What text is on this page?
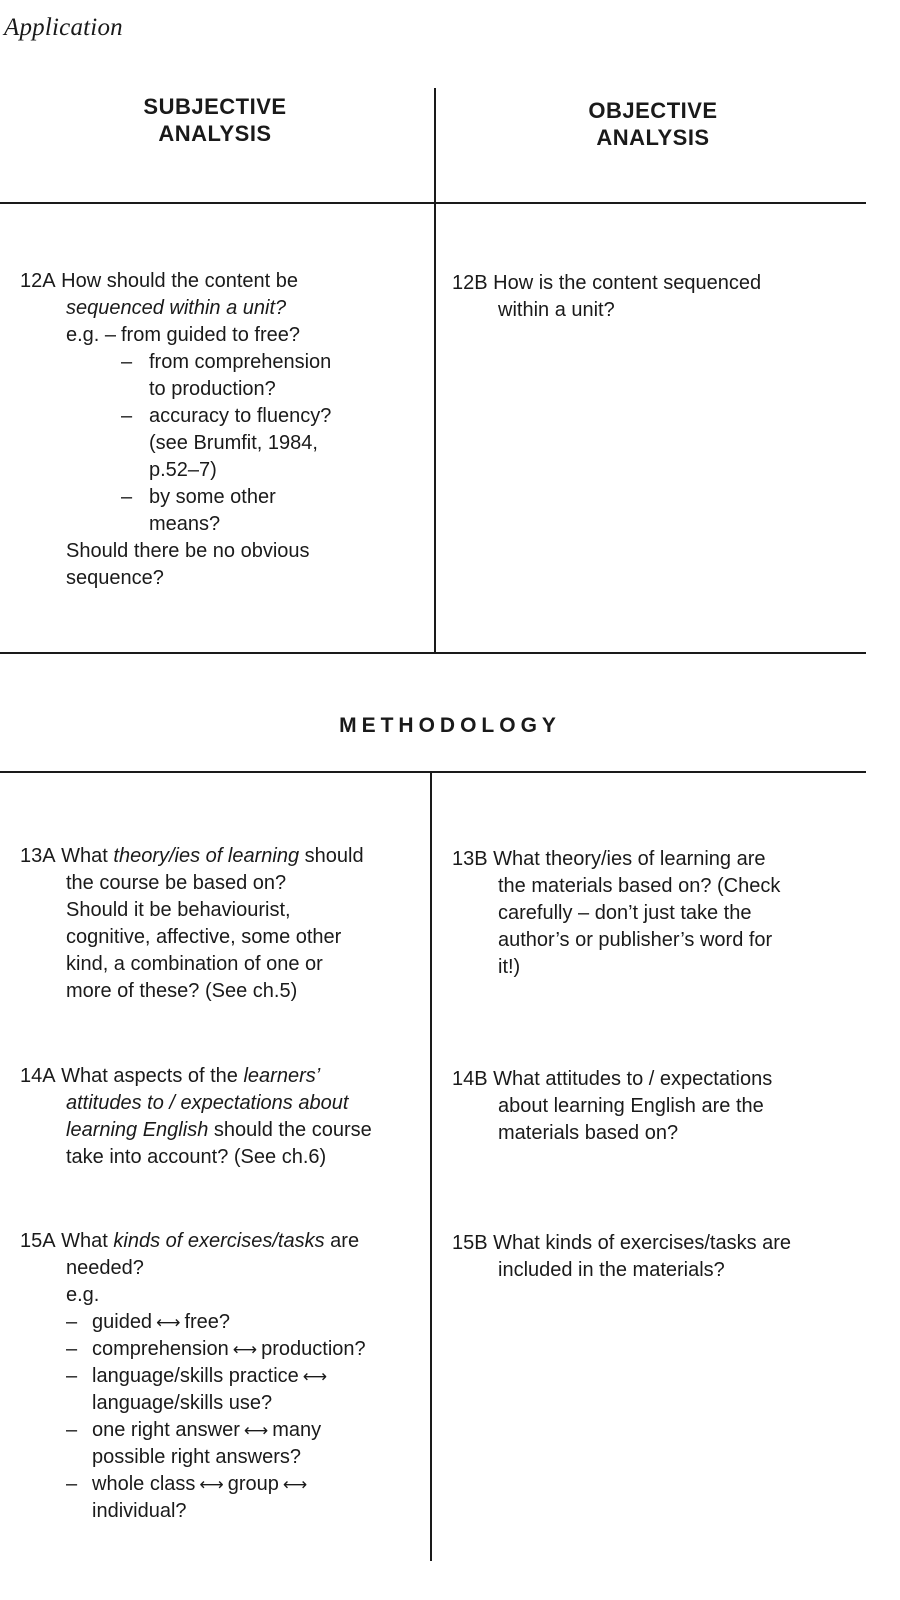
Application
SUBJECTIVE
ANALYSIS
OBJECTIVE
ANALYSIS
METHODOLOGY
12A
How should the content be
sequenced within a unit?
e.g. – from guided to free?
– from comprehension
to production?
– accuracy to fluency?
(see Brumfit, 1984,
p.52–7)
– by some other
means?
Should there be no obvious
sequence?
12B
How is the content sequenced
within a unit?
13A
What theory/ies of learning should
the course be based on?
Should it be behaviourist,
cognitive, affective, some other
kind, a combination of one or
more of these? (See ch.5)
13B
What theory/ies of learning are
the materials based on? (Check
carefully – don’t just take the
author’s or publisher’s word for
it!)
14A
What aspects of the learners’
attitudes to / expectations about
learning English should the course
take into account? (See ch.6)
14B
What attitudes to / expectations
about learning English are the
materials based on?
15A
What kinds of exercises/tasks are
needed?
e.g.
– guided ⟷ free?
– comprehension ⟷ production?
– language/skills practice ⟷
language/skills use?
– one right answer ⟷ many
possible right answers?
– whole class ⟷ group ⟷
individual?
15B
What kinds of exercises/tasks are
included in the materials?
